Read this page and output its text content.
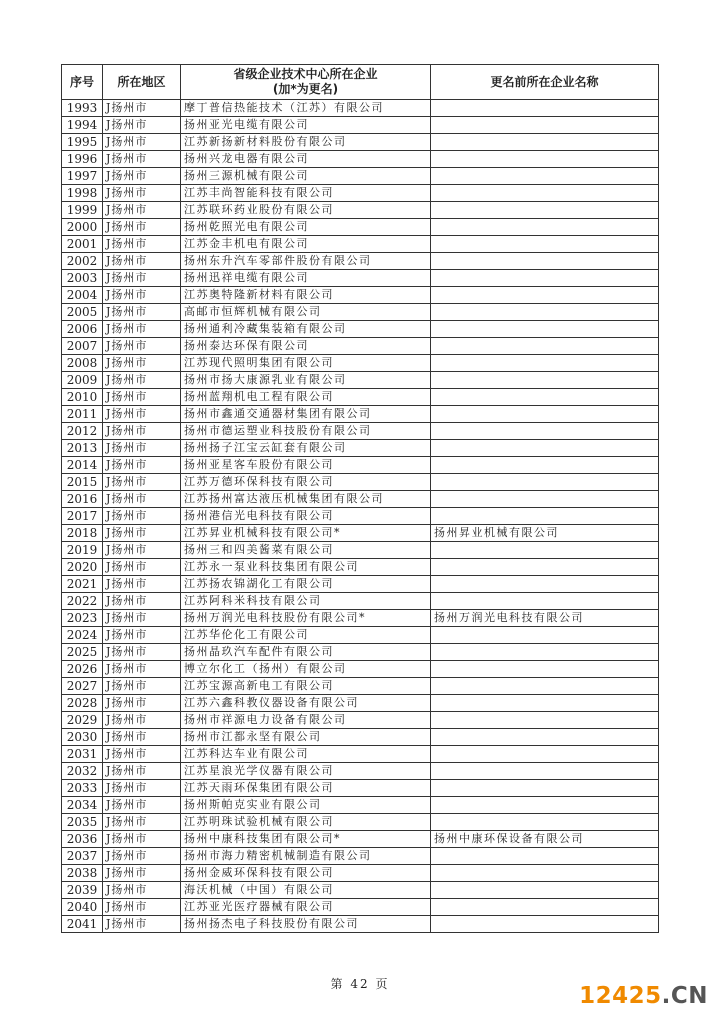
序号	所在地区	省级企业技术中心所在企业
(加*为更名)	更名前所在企业名称
1993	J扬州市	摩丁普信热能技术（江苏）有限公司	
1994	J扬州市	扬州亚光电缆有限公司	
1995	J扬州市	江苏新扬新材料股份有限公司	
1996	J扬州市	扬州兴龙电器有限公司	
1997	J扬州市	扬州三源机械有限公司	
1998	J扬州市	江苏丰尚智能科技有限公司	
1999	J扬州市	江苏联环药业股份有限公司	
2000	J扬州市	扬州乾照光电有限公司	
2001	J扬州市	江苏金丰机电有限公司	
2002	J扬州市	扬州东升汽车零部件股份有限公司	
2003	J扬州市	扬州迅祥电缆有限公司	
2004	J扬州市	江苏奥特隆新材料有限公司	
2005	J扬州市	高邮市恒辉机械有限公司	
2006	J扬州市	扬州通利冷藏集装箱有限公司	
2007	J扬州市	扬州泰达环保有限公司	
2008	J扬州市	江苏现代照明集团有限公司	
2009	J扬州市	扬州市扬大康源乳业有限公司	
2010	J扬州市	扬州蓝翔机电工程有限公司	
2011	J扬州市	扬州市鑫通交通器材集团有限公司	
2012	J扬州市	扬州市德运塑业科技股份有限公司	
2013	J扬州市	扬州扬子江宝云缸套有限公司	
2014	J扬州市	扬州亚星客车股份有限公司	
2015	J扬州市	江苏万德环保科技有限公司	
2016	J扬州市	江苏扬州富达液压机械集团有限公司	
2017	J扬州市	扬州港信光电科技有限公司	
2018	J扬州市	江苏昇业机械科技有限公司*	扬州昇业机械有限公司
2019	J扬州市	扬州三和四美酱菜有限公司	
2020	J扬州市	江苏永一泵业科技集团有限公司	
2021	J扬州市	江苏扬农锦湖化工有限公司	
2022	J扬州市	江苏阿科米科技有限公司	
2023	J扬州市	扬州万润光电科技股份有限公司*	扬州万润光电科技有限公司
2024	J扬州市	江苏华伦化工有限公司	
2025	J扬州市	扬州晶玖汽车配件有限公司	
2026	J扬州市	博立尔化工（扬州）有限公司	
2027	J扬州市	江苏宝源高新电工有限公司	
2028	J扬州市	江苏六鑫科教仪器设备有限公司	
2029	J扬州市	扬州市祥源电力设备有限公司	
2030	J扬州市	扬州市江都永坚有限公司	
2031	J扬州市	江苏科达车业有限公司	
2032	J扬州市	江苏星浪光学仪器有限公司	
2033	J扬州市	江苏天雨环保集团有限公司	
2034	J扬州市	扬州斯帕克实业有限公司	
2035	J扬州市	江苏明珠试验机械有限公司	
2036	J扬州市	扬州中康科技集团有限公司*	扬州中康环保设备有限公司
2037	J扬州市	扬州市海力精密机械制造有限公司	
2038	J扬州市	扬州金威环保科技有限公司	
2039	J扬州市	海沃机械（中国）有限公司	
2040	J扬州市	江苏亚光医疗器械有限公司	
2041	J扬州市	扬州扬杰电子科技股份有限公司	
第 42 页	12425.CN
